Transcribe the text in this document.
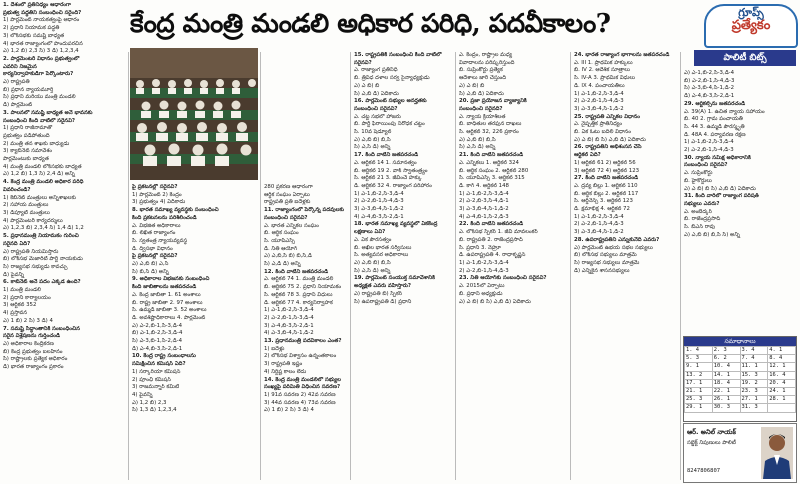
కేంద్ర మంత్రి మండలి అధికార పరిధి, పదవీకాలం?	గ్రూప్స్
ప్రత్యేకం
పాలిటీ బిట్స్

1. దేశంలో ప్రతినిధ్యం ఆధారంగా

ప్రభుత్వ పద్ధతిని సంబంధించి సరైంది?

1) పార్లమెంట్ నాయకత్వంపై ఆధారం

2) ప్రధాని నియామక పద్ధతి

3) లోక్‌సభకు సమష్టి బాధ్యత

4) భారత రాజ్యాంగంలో పొందుపరచిన

ఎ) 1,2 బి) 2,3 సి) 3 డి) 1,2,3,4

2. పార్లమెంటరీ విధానం ప్రభుత్వంలో

ఎవరిని నిజమైన

కార్యనిర్వాహకుడిగా పేర్కొంటారు?

ఎ) రాష్ట్రపతి

బి) ప్రధాన న్యాయమూర్తి

సి) ప్రధాని మరియు మంత్రి మండలి

డి) పార్లమెంట్

3. పాలనలో సమష్టి బాధ్యత అనే భావనకు

సంబంధించి కింది వాటిలో సరైనవి?

1) ప్రధాని రాజీనామాతో

ప్రభుత్వం పడిపోతుంది

2) మంత్రి తన శాఖకు బాధ్యుడు

3) క్యాబినెట్ సమావేశం

పార్లమెంటుకు బాధ్యత

4) మంత్రి మండలి లోక్‌సభకు బాధ్యత

ఎ) 1,2 బి) 1,3 సి) 2,4 డి) అన్నీ

4. కేంద్ర మంత్రి మండలి అధికార పరిధి

వివరించండి?

1) కేబినెట్ మంత్రులు అన్నిశాఖలకు

2) సహాయ మంత్రులు

3) డిప్యూటీ మంత్రులు

4) పార్లమెంటరీ కార్యదర్శులు

ఎ) 1,2,3 బి) 2,3,4 సి) 1,4 డి) 1,2

5. ప్రధానమంత్రి నియామకం గురించి

సరైనది ఏది?

ఎ) రాష్ట్రపతి నియమిస్తారు

బి) లోక్‌సభ మెజారిటీ పార్టీ నాయకుడు

సి) రాజ్యసభ సభ్యుడు కావచ్చు

డి) పైవన్నీ

6. కాబినెట్ అనే పదం ఎక్కడ ఉంది?

1) మంత్రి మండలి

2) ప్రధాని కార్యాలయం

3) ఆర్టికల్ 352

4) ప్రస్తావన

ఎ) 1 బి) 2 సి) 3 డి) 4

7. సమష్టి సిద్ధాంతానికి సంబంధించిన

సరైన విశ్లేషణను గుర్తించండి

ఎ) అధికారాల కేంద్రీకరణ

బి) కేంద్ర ప్రభుత్వం బలహీనం

సి) రాష్ట్రాలకు ప్రత్యేక అధికారం

డి) భారత రాజ్యాంగం ప్రకారం

పై ప్రకటనల్లో సరైనవి?

1) పార్లమెంట్ 2) కేంద్రం

3) ప్రభుత్వం 4) ఏదీకాదు

8. భారత సమాఖ్య వ్యవస్థకు సంబంధించి

కింది ప్రకటనలను పరిశీలించండి

ఎ. విభజిత అధికారాలు

బి. లిఖిత రాజ్యాంగం

సి. స్వతంత్ర న్యాయవ్యవస్థ

డి. ద్విసభా విధానం

పై ప్రకటనల్లో సరైనవి?

ఎ) ఎ,బి బి) ఎ,సి

సి) బి,సి డి) అన్నీ

9. అధికారాల విభజనకు సంబంధించి

కింది జాబితాలను జతపరచండి

ఎ. కేంద్ర జాబితా 1. 61 అంశాలు

బి. రాష్ట్ర జాబితా 2. 97 అంశాలు

సి. ఉమ్మడి జాబితా 3. 52 అంశాలు

డి. అవశిష్టాధికారాలు 4. పార్లమెంట్

ఎ) ఎ-2,బి-1,సి-3,డి-4

బి) ఎ-1,బి-2,సి-3,డి-4

సి) ఎ-3,బి-1,సి-2,డి-4

డి) ఎ-4,బి-3,సి-2,డి-1

10. కేంద్ర రాష్ట్ర సంబంధాలను

సమీక్షించిన కమిషన్ ఏది?

1) సర్కారియా కమిషన్

2) పూంఛీ కమిషన్

3) రాజమన్నార్ కమిటీ

4) పైవన్నీ

ఎ) 1,2 బి) 2,3

సి) 1,3 డి) 1,2,3,4

280 ప్రకరణ ఆధారంగా

ఆర్థిక సంఘం ఏర్పాటు

రాష్ట్రపతి ప్రతి ఐదేళ్లకు

11. రాజ్యాంగంలో పేర్కొన్న పదవులకు

సంబంధించి సరైనవి?

ఎ. భారత ఎన్నికల సంఘం

బి. ఆర్థిక సంఘం

సి. యూపీఎస్సీ

డి. నీతి ఆయోగ్

ఎ) ఎ,బి,సి బి) బి,సి,డి

సి) ఎ,డి డి) అన్నీ

12. కింది వాటిని జతపరచండి

ఎ. ఆర్టికల్ 74 1. మంత్రి మండలి

బి. ఆర్టికల్ 75 2. ప్రధాని నియామకం

సి. ఆర్టికల్ 78 3. ప్రధాని విధులు

డి. ఆర్టికల్ 77 4. కార్యనిర్వాహక

1) ఎ-1,బి-2,సి-3,డి-4

2) ఎ-2,బి-1,సి-3,డి-4

3) ఎ-4,బి-3,సి-2,డి-1

4) ఎ-3,బి-4,సి-1,డి-2

13. ప్రధానమంత్రి పదవీకాలం ఎంత?

1) ఐదేళ్లు

2) లోక్‌సభ విశ్వాసం ఉన్నంతకాలం

3) రాష్ట్రపతి ఇష్టం

4) నిర్దిష్ట కాలం లేదు

14. కేంద్ర మంత్రి మండలిలో సభ్యుల

సంఖ్యపై పరిమితి విధించిన సవరణ?

1) 91వ సవరణ 2) 42వ సవరణ

3) 44వ సవరణ 4) 73వ సవరణ

ఎ) 1 బి) 2 సి) 3 డి) 4

15. రాష్ట్రపతికి సంబంధించి కింది వాటిలో

సరైనవి?

ఎ. రాజ్యాంగ ప్రతినిధి

బి. త్రివిధ దళాల సర్వ సైన్యాధ్యక్షుడు

ఎ) ఎ బి) బి

సి) ఎ,బి డి) ఏదీకాదు

16. పార్లమెంట్ సభ్యుల అనర్హతకు

సంబంధించి సరైనవి?

ఎ. చట్ట సభలో హాజరు

బి. పార్టీ ఫిరాయింపు నిరోధక చట్టం

సి. 10వ షెడ్యూల్

ఎ) ఎ,బి బి) బి,సి

సి) ఎ,సి డి) అన్నీ

17. కింది వాటిని జతపరచండి

ఎ. ఆర్టికల్ 14 1. సమానత్వం

బి. ఆర్టికల్ 19 2. వాక్ స్వాతంత్ర్యం

సి. ఆర్టికల్ 21 3. జీవించే హక్కు

డి. ఆర్టికల్ 32 4. రాజ్యాంగ పరిహారం

1) ఎ-1,బి-2,సి-3,డి-4

2) ఎ-2,బి-1,సి-4,డి-3

3) ఎ-3,బి-4,సి-1,డి-2

4) ఎ-4,బి-3,సి-2,డి-1

18. భారత సమాఖ్య వ్యవస్థలో ఏకకేంద్ర

లక్షణాలు ఏవి?

ఎ. ఏక పౌరసత్వం

బి. అఖిల భారత సర్వీసులు

సి. అత్యవసర అధికారాలు

ఎ) ఎ,బి బి) బి,సి

సి) ఎ,సి డి) అన్నీ

19. పార్లమెంట్ సంయుక్త సమావేశానికి

అధ్యక్షత ఎవరు వహిస్తారు?

ఎ) రాష్ట్రపతి బి) స్పీకర్

సి) ఉపరాష్ట్రపతి డి) ప్రధాని

ఎ. కేంద్రం, రాష్ట్రాల మధ్య

వివాదాలను పరిష్కరిస్తుంది

బి. సుప్రీంకోర్టు ప్రత్యేక

ఆదేశాలు జారీ చేస్తుంది

ఎ) ఎ బి) బి

సి) ఎ,బి డి) ఏదీకాదు

20. ప్రజా ప్రయోజన వ్యాజ్యానికి

సంబంధించి సరైనది?

ఎ. న్యాయ క్రియాశీలత

బి. బాధితుల తరఫున దాఖలు

సి. ఆర్టికల్ 32, 226 ప్రకారం

ఎ) ఎ,బి బి) బి,సి

సి) ఎ,సి డి) అన్నీ

21. కింది వాటిని జతపరచండి

ఎ. ఎన్నికలు 1. ఆర్టికల్ 324

బి. ఆర్థిక సంఘం 2. ఆర్టికల్ 280

సి. యూపీఎస్సీ 3. ఆర్టికల్ 315

డి. కాగ్ 4. ఆర్టికల్ 148

1) ఎ-1,బి-2,సి-3,డి-4

2) ఎ-2,బి-3,సి-4,డి-1

3) ఎ-3,బి-4,సి-1,డి-2

4) ఎ-4,బి-1,సి-2,డి-3

22. కింది వాటిని జతపరచండి

ఎ. లోక్‌సభ స్పీకర్ 1. జీవీ మావలంకర్

బి. రాష్ట్రపతి 2. రాజేంద్రప్రసాద్

సి. ప్రధాని 3. నెహ్రూ

డి. ఉపరాష్ట్రపతి 4. రాధాకృష్ణన్

1) ఎ-1,బి-2,సి-3,డి-4

2) ఎ-2,బి-1,సి-4,డి-3

23. నీతి ఆయోగ్‌కు సంబంధించి సరైనవి?

ఎ. 2015లో ఏర్పాటు

బి. ప్రధాని అధ్యక్షుడు

ఎ) ఎ బి) బి సి) ఎ,బి డి) ఏదీకాదు

24. భారత రాజ్యాంగ భాగాలను జతపరచండి

ఎ. III 1. ప్రాథమిక హక్కులు

బి. IV 2. ఆదేశిక సూత్రాలు

సి. IV-A 3. ప్రాథమిక విధులు

డి. IX 4. పంచాయతీలు

1) ఎ-1,బి-2,సి-3,డి-4

2) ఎ-2,బి-1,సి-4,డి-3

3) ఎ-3,బి-4,సి-1,డి-2

25. రాష్ట్రపతి ఎన్నికల విధానం

ఎ. నైష్పత్తిక ప్రాతినిధ్యం

బి. ఏక ఓటు బదిలీ విధానం

ఎ) ఎ బి) బి సి) ఎ,బి డి) ఏదీకాదు

26. రాష్ట్రపతిని అభిశంసన చేసే

ఆర్టికల్ ఏది?

1) ఆర్టికల్ 61 2) ఆర్టికల్ 56

3) ఆర్టికల్ 72 4) ఆర్టికల్ 123

27. కింది వాటిని జతపరచండి

ఎ. ద్రవ్య బిల్లు 1. ఆర్టికల్ 110

బి. ఆర్థిక బిల్లు 2. ఆర్టికల్ 117

సి. ఆర్డినెన్స్ 3. ఆర్టికల్ 123

డి. క్షమాభిక్ష 4. ఆర్టికల్ 72

1) ఎ-1,బి-2,సి-3,డి-4

2) ఎ-2,బి-1,సి-4,డి-3

3) ఎ-3,బి-4,సి-1,డి-2

28. ఉపరాష్ట్రపతిని ఎన్నుకునేది ఎవరు?

ఎ) పార్లమెంట్ ఉభయ సభల సభ్యులు

బి) లోక్‌సభ సభ్యులు మాత్రమే

సి) రాజ్యసభ సభ్యులు మాత్రమే

డి) ఎన్నికైన శాసనసభ్యులు

ఎ) ఎ-1,బి-2,సి-3,డి-4

బి) ఎ-2,బి-1,సి-4,డి-3

సి) ఎ-3,బి-4,సి-1,డి-2

డి) ఎ-4,బి-3,సి-2,డి-1

29. ఆర్టికల్స్‌ను జతపరచండి

ఎ. 39(A) 1. ఉచిత న్యాయ సహాయం

బి. 40 2. గ్రామ పంచాయతీ

సి. 44 3. ఉమ్మడి పౌరస్మృతి

డి. 48A 4. పర్యావరణ రక్షణ

1) ఎ-1,బి-2,సి-3,డి-4

2) ఎ-2,బి-1,సి-4,డి-3

30. న్యాయ సమీక్ష అధికారానికి

సంబంధించి సరైనవి?

ఎ. సుప్రీంకోర్టు

బి. హైకోర్టులు

ఎ) ఎ బి) బి సి) ఎ,బి డి) ఏదీకాదు

31. కింది వారిలో రాజ్యాంగ పరిషత్

సభ్యులు ఎవరు?

ఎ. అంబేద్కర్

బి. రాజేంద్రప్రసాద్

సి. బీఎన్ రావు

ఎ) ఎ,బి బి) బి,సి సి) అన్నీ

సమాధానాలు
1. 4	2. 3	3. 4	4. 1
5. 3	6. 2	7. 4	8. 4
9. 1	10. 4	11. 1	12. 1
13. 2	14. 1	15. 3	16. 4
17. 1	18. 4	19. 2	20. 4
21. 1	22. 1	23. 3	24. 1
25. 3	26. 1	27. 1	28. 1
29. 1	30. 3	31. 3	
ఆర్. అనిల్ నాయక్
సబ్జెక్ట్ నిపుణులు పాలిటీ
8247806807
